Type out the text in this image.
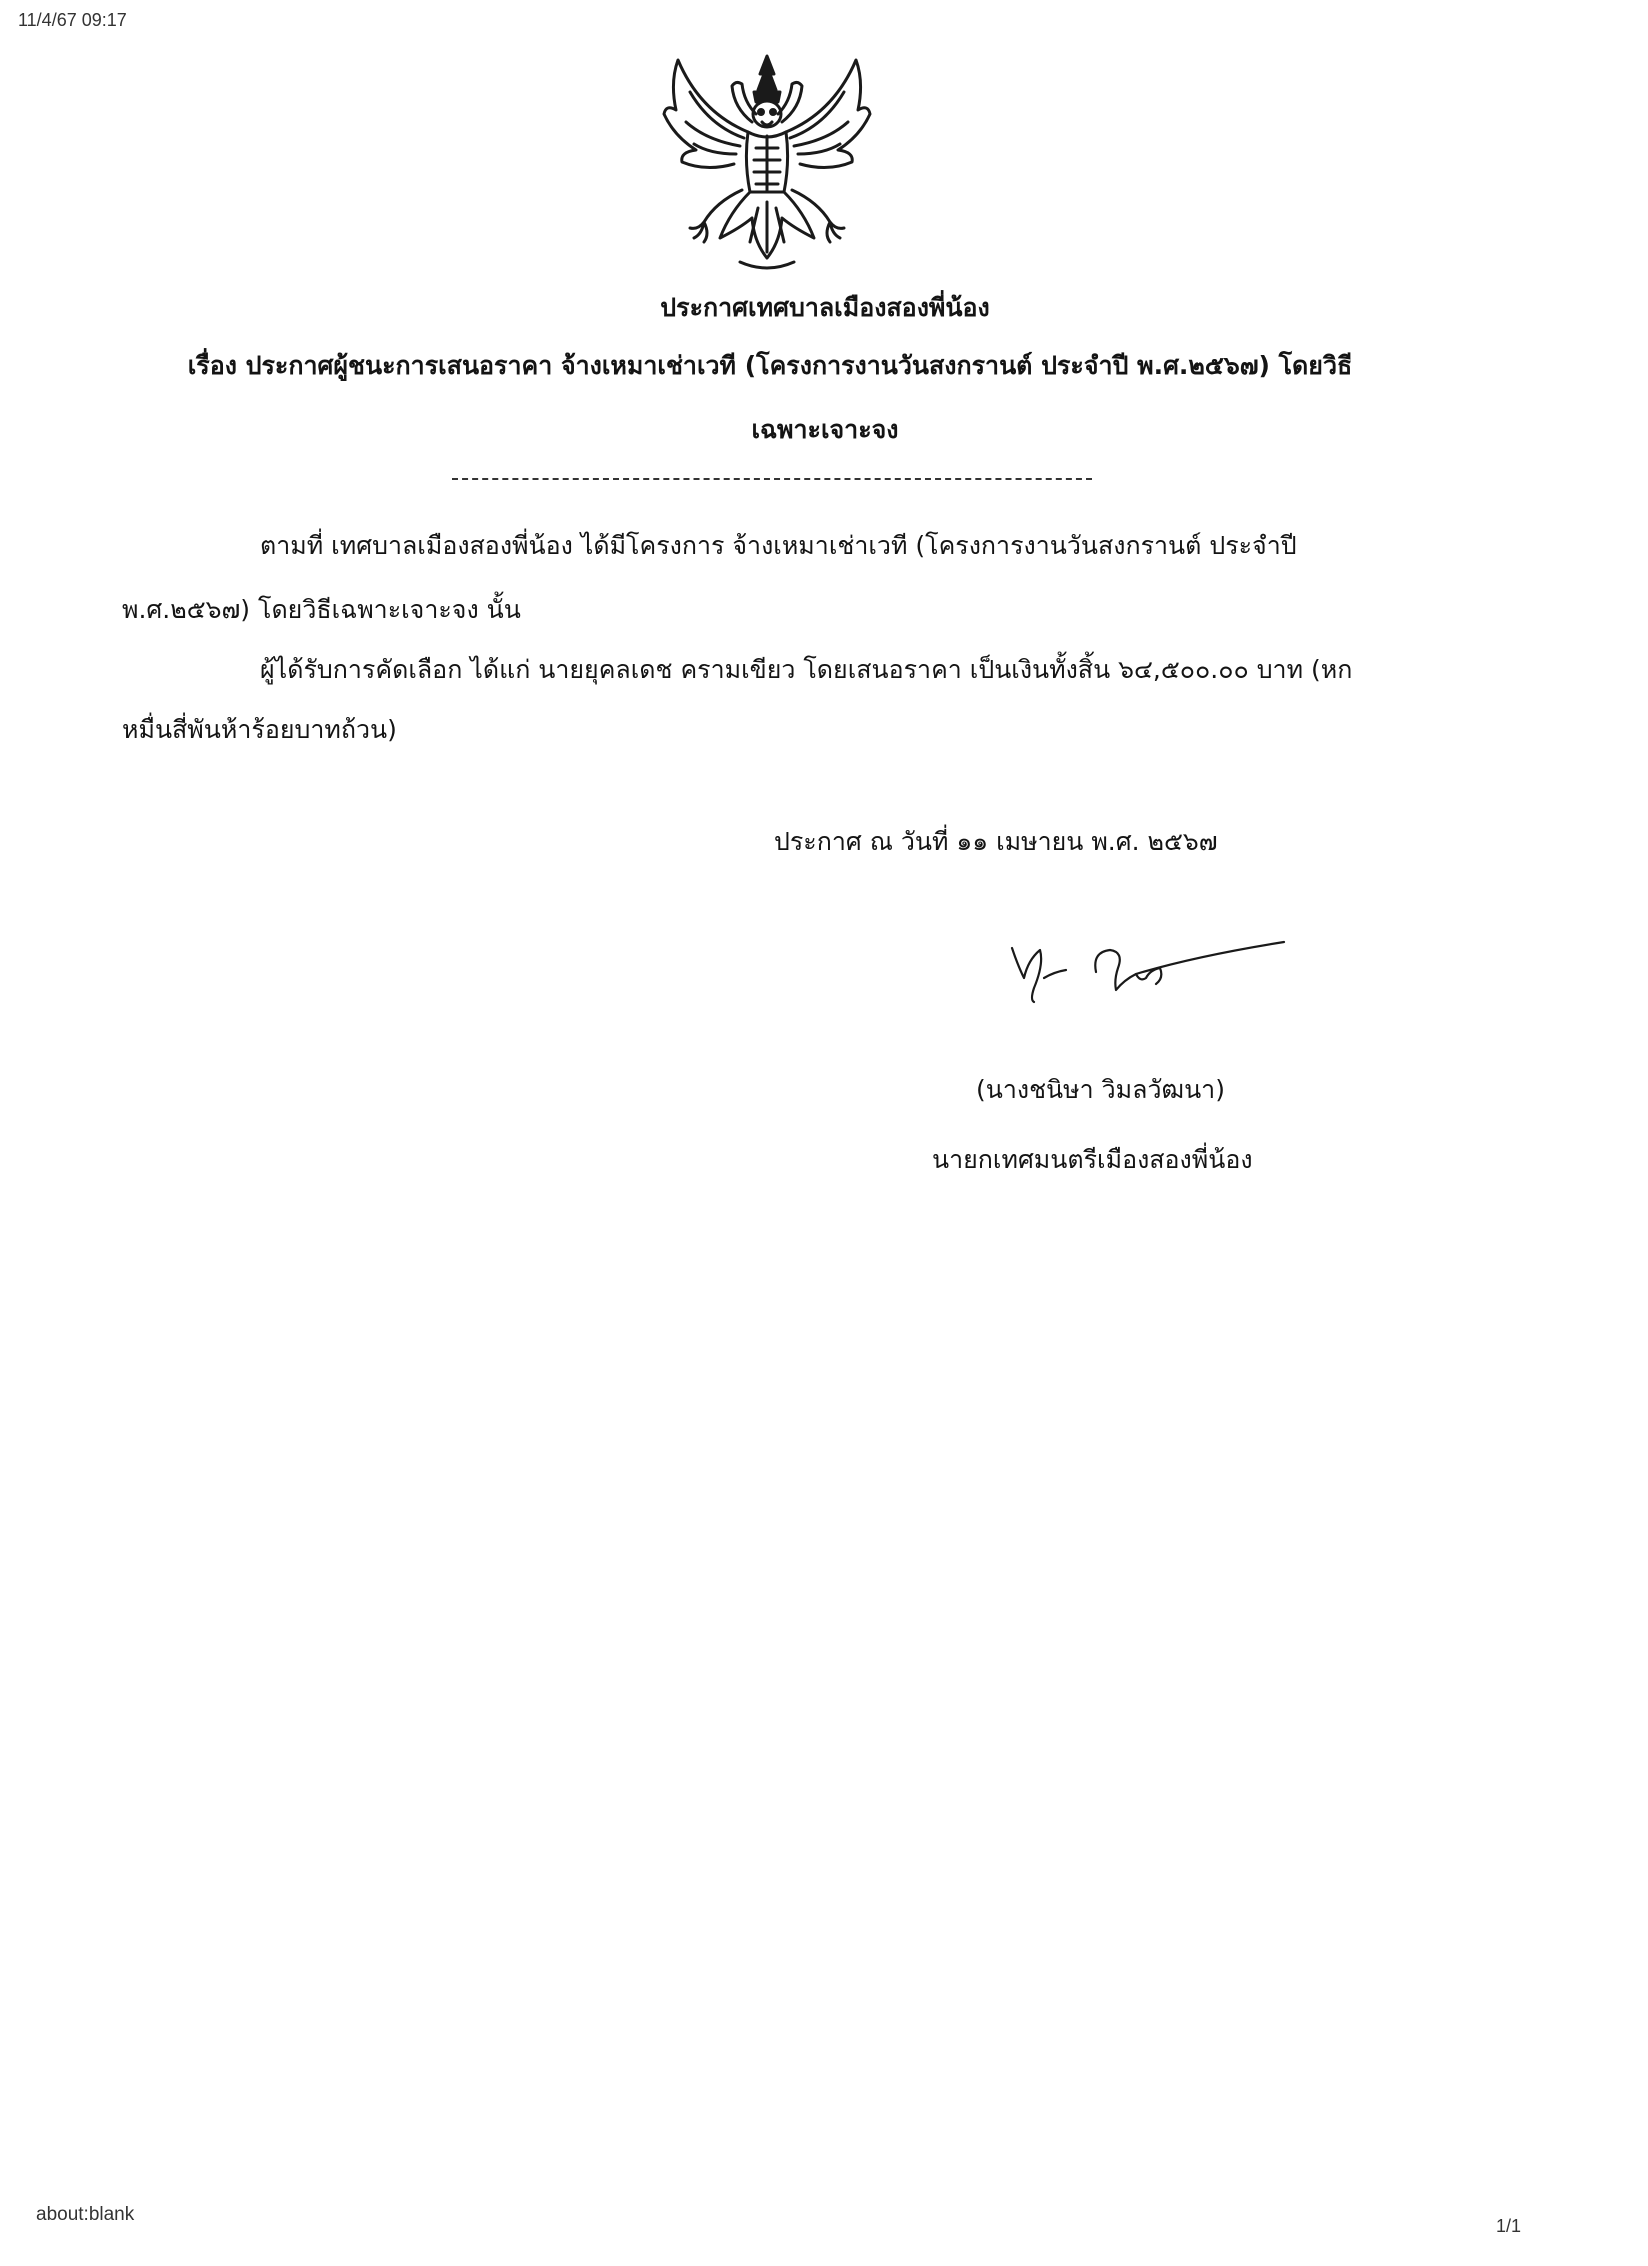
11/4/67 09:17
ประกาศเทศบาลเมืองสองพี่น้อง
เรื่อง ประกาศผู้ชนะการเสนอราคา จ้างเหมาเช่าเวที (โครงการงานวันสงกรานต์ ประจำปี พ.ศ.๒๕๖๗) โดยวิธี
เฉพาะเจาะจง
ตามที่ เทศบาลเมืองสองพี่น้อง ได้มีโครงการ จ้างเหมาเช่าเวที (โครงการงานวันสงกรานต์ ประจำปี
พ.ศ.๒๕๖๗) โดยวิธีเฉพาะเจาะจง นั้น
ผู้ได้รับการคัดเลือก ได้แก่ นายยุคลเดช ครามเขียว โดยเสนอราคา เป็นเงินทั้งสิ้น ๖๔,๕๐๐.๐๐ บาท (หก
หมื่นสี่พันห้าร้อยบาทถ้วน)
ประกาศ ณ วันที่ ๑๑ เมษายน พ.ศ. ๒๕๖๗
(นางชนิษา วิมลวัฒนา)
นายกเทศมนตรีเมืองสองพี่น้อง
about:blank
1/1
